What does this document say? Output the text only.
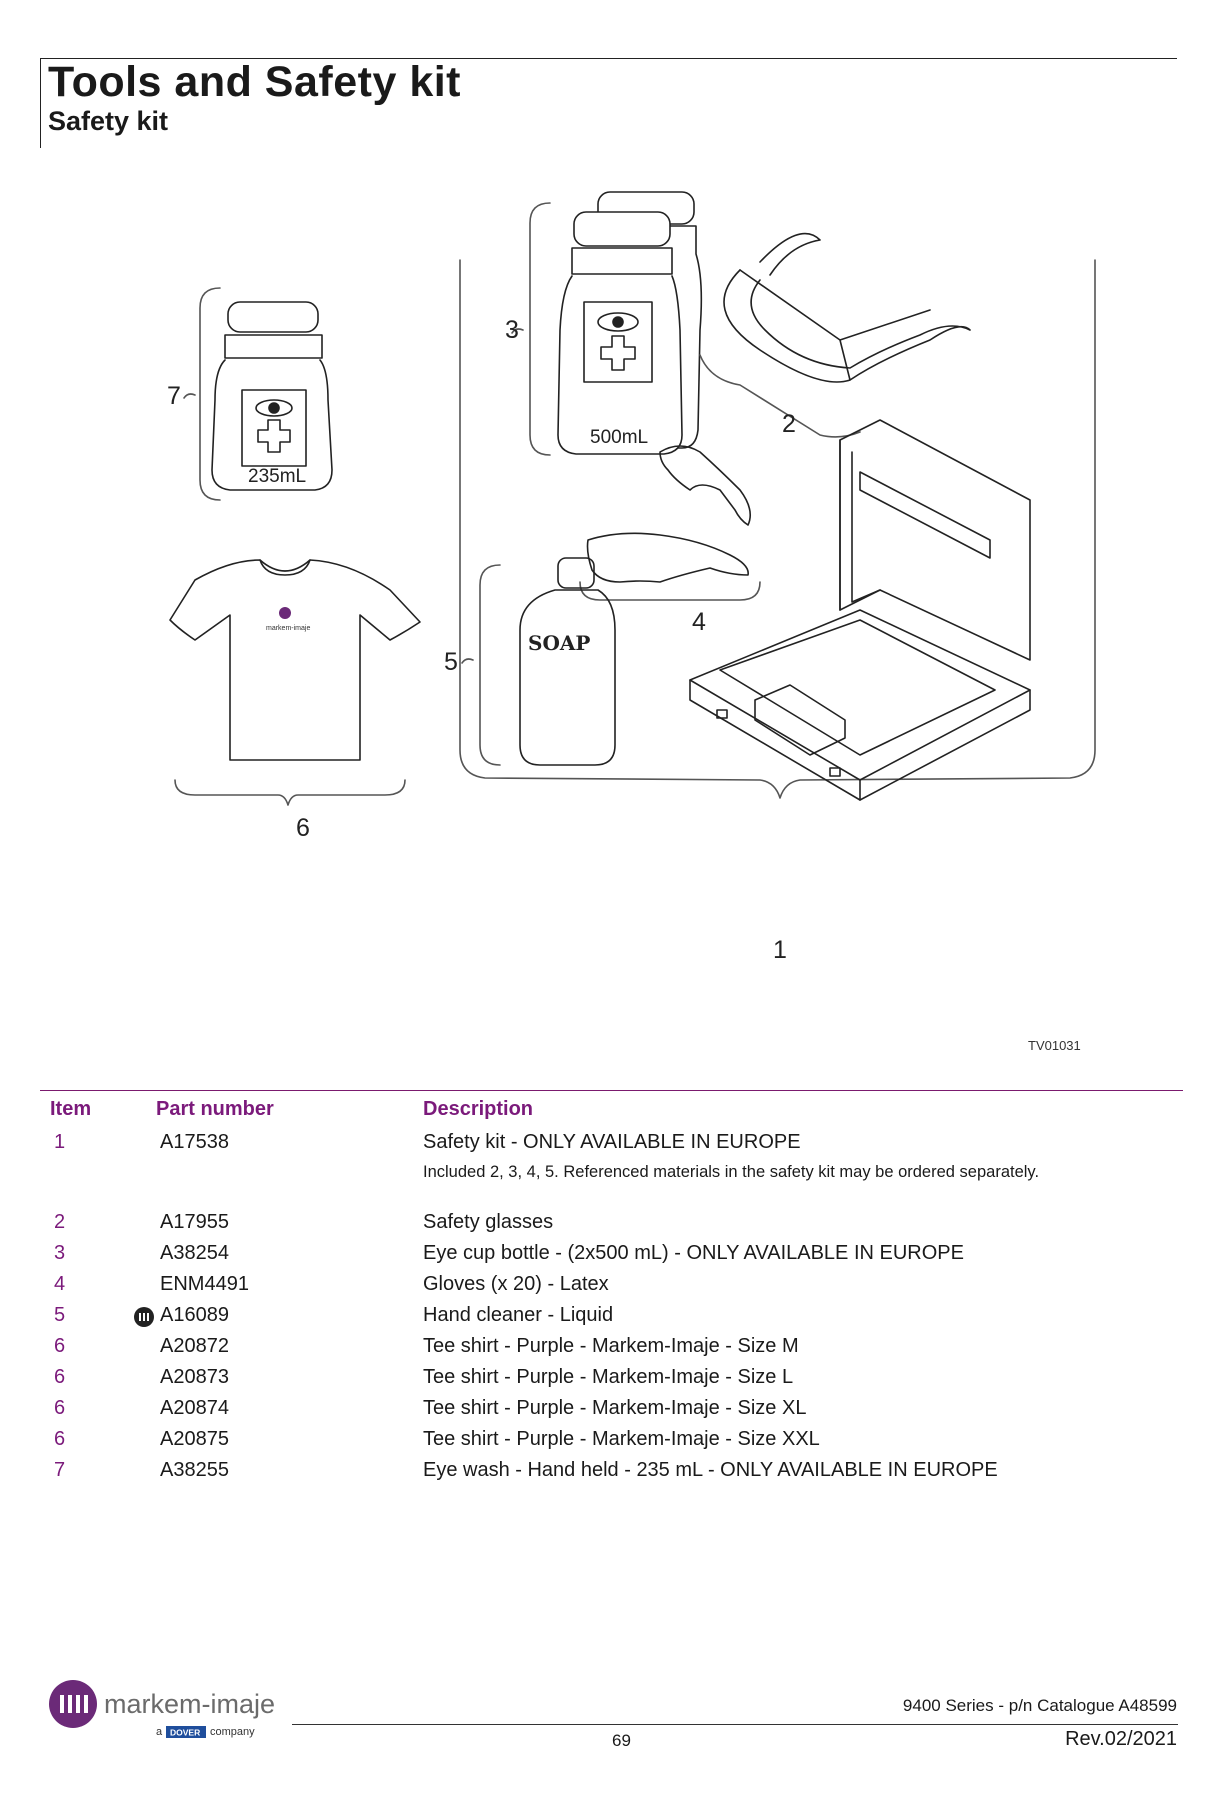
Tools and Safety kit
Safety kit
1
235mL
7
500mL
3
2
4
SOAP
5
markem-imaje
6
TV01031
Item	Part number	Description
1	A17538	Safety kit - ONLY AVAILABLE IN EUROPE
Included 2, 3, 4, 5. Referenced materials in the safety kit may be ordered separately.
2	A17955	Safety glasses
3	A38254	Eye cup bottle - (2x500 mL) - ONLY AVAILABLE IN EUROPE
4	ENM4491	Gloves (x 20) - Latex
5	A16089	Hand cleaner - Liquid
6	A20872	Tee shirt - Purple - Markem-Imaje - Size M
6	A20873	Tee shirt - Purple - Markem-Imaje - Size L
6	A20874	Tee shirt - Purple - Markem-Imaje - Size XL
6	A20875	Tee shirt - Purple - Markem-Imaje - Size XXL
7	A38255	Eye wash - Hand held - 235 mL - ONLY AVAILABLE IN EUROPE
markem-imaje
a DOVER company
9400 Series - p/n Catalogue A48599
69	Rev.02/2021
